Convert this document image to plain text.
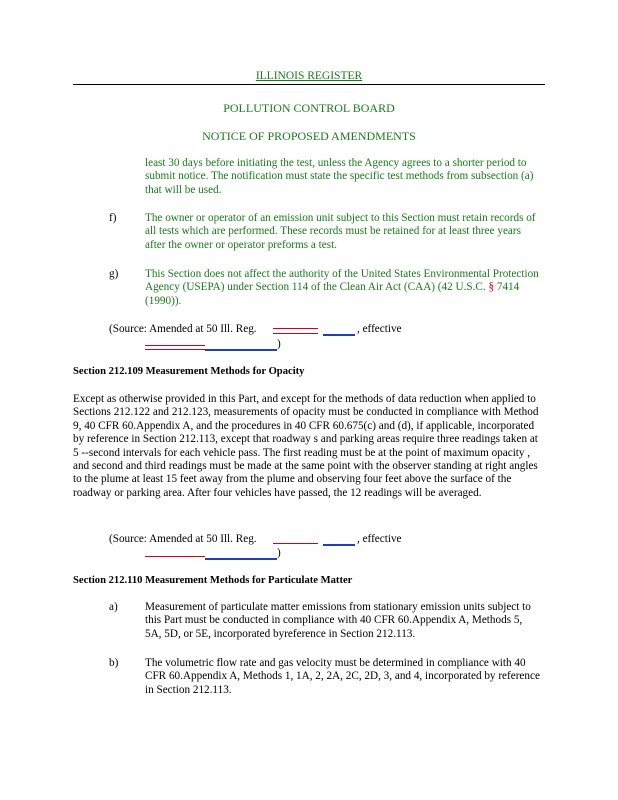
ILLINOIS REGISTER
POLLUTION CONTROL BOARD
NOTICE OF PROPOSED AMENDMENTS
least 30 days before initiating the test, unless the Agency agrees to a shorter period to submit notice. The notification must state the specific test methods from subsection (a) that will be used.
f)	The owner or operator of an emission unit subject to this Section must retain records of all tests which are performed. These records must be retained for at least three years after the owner or operator preforms a test.
g) This Section does not affect the authority of the United States Environmental Protection Agency (USEPA) under Section 114 of the Clean Air Act (CAA) (42 U.S.C. § 7414 (1990)).
(Source: Amended at 50 Ill. Reg.	, effective
)
Section 212.109 Measurement Methods for Opacity
Except as otherwise provided in this Part, and except for the methods of data reduction when applied to Sections 212.122 and 212.123, measurements of opacity must be conducted in compliance with Method 9, 40 CFR 60.Appendix A, and the procedures in 40 CFR 60.675(c) and (d), if applicable, incorporated by reference in Section 212.113, except that roadway s and parking areas require three readings taken at 5 --second intervals for each vehicle pass. The first reading must be at the point of maximum opacity , and second and third readings must be made at the same point with the observer standing at right angles to the plume at least 15 feet away from the plume and observing four feet above the surface of the roadway or parking area. After four vehicles have passed, the 12 readings will be averaged.
(Source: Amended at 50 Ill. Reg.	, effective
)
Section 212.110 Measurement Methods for Particulate Matter
a) Measurement of particulate matter emissions from stationary emission units subject to this Part must be conducted in compliance with 40 CFR 60.Appendix A, Methods 5, 5A, 5D, or 5E, incorporated byreference in Section 212.113.
b) The volumetric flow rate and gas velocity must be determined in compliance with 40 CFR 60.Appendix A, Methods 1, 1A, 2, 2A, 2C, 2D, 3, and 4, incorporated by reference in Section 212.113.
